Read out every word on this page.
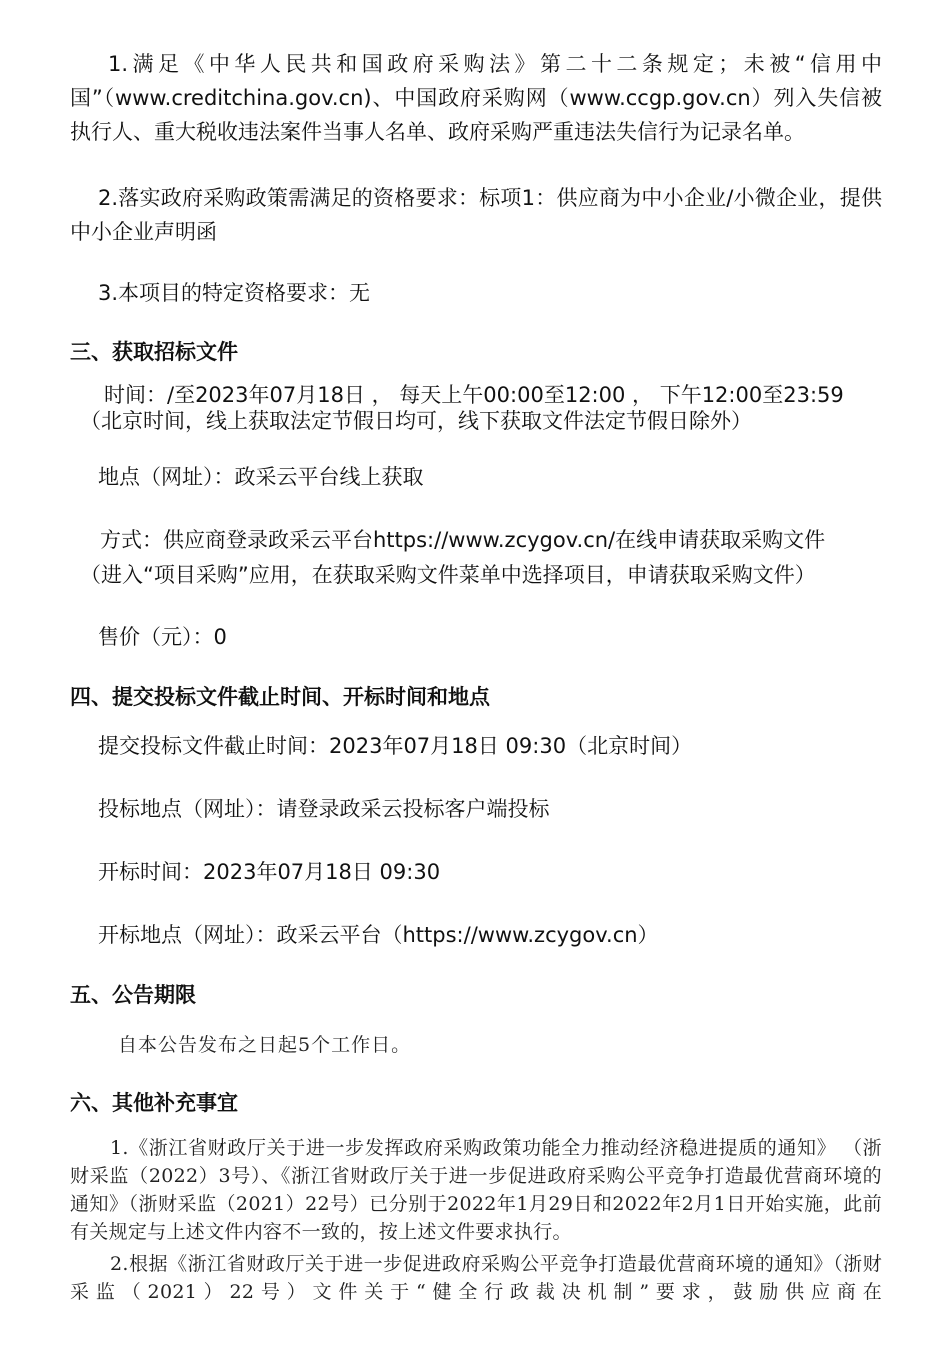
1.满足《中华人民共和国政府采购法》第二十二条规定；未被“信用中国”（www.creditchina.gov.cn)、中国政府采购网（www.ccgp.gov.cn）列入失信被执行人、重大税收违法案件当事人名单、政府采购严重违法失信行为记录名单。

2.落实政府采购政策需满足的资格要求：标项1：供应商为中小企业/小微企业，提供中小企业声明函

3.本项目的特定资格要求：无

三、获取招标文件

时间：/至2023年07月18日 ， 每天上午00:00至12:00 ， 下午12:00至23:59

（北京时间，线上获取法定节假日均可，线下获取文件法定节假日除外）

地点（网址）：政采云平台线上获取

方式：供应商登录政采云平台https://www.zcygov.cn/在线申请获取采购文件

（进入“项目采购”应用，在获取采购文件菜单中选择项目，申请获取采购文件）

售价（元）：0

四、提交投标文件截止时间、开标时间和地点

提交投标文件截止时间：2023年07月18日 09:30（北京时间）

投标地点（网址）：请登录政采云投标客户端投标

开标时间：2023年07月18日 09:30

开标地点（网址）：政采云平台（https://www.zcygov.cn）

五、公告期限

自本公告发布之日起5个工作日。

六、其他补充事宜

1.《浙江省财政厅关于进一步发挥政府采购政策功能全力推动经济稳进提质的通知》 （浙财采监（2022）3号）、《浙江省财政厅关于进一步促进政府采购公平竞争打造最优营商环境的通知》（浙财采监（2021）22号）已分别于2022年1月29日和2022年2月1日开始实施，此前有关规定与上述文件内容不一致的，按上述文件要求执行。

2.根据《浙江省财政厅关于进一步促进政府采购公平竞争打造最优营商环境的通知》（浙财采监（2021）22号）文件关于“健全行政裁决机制”要求，鼓励供应商在
